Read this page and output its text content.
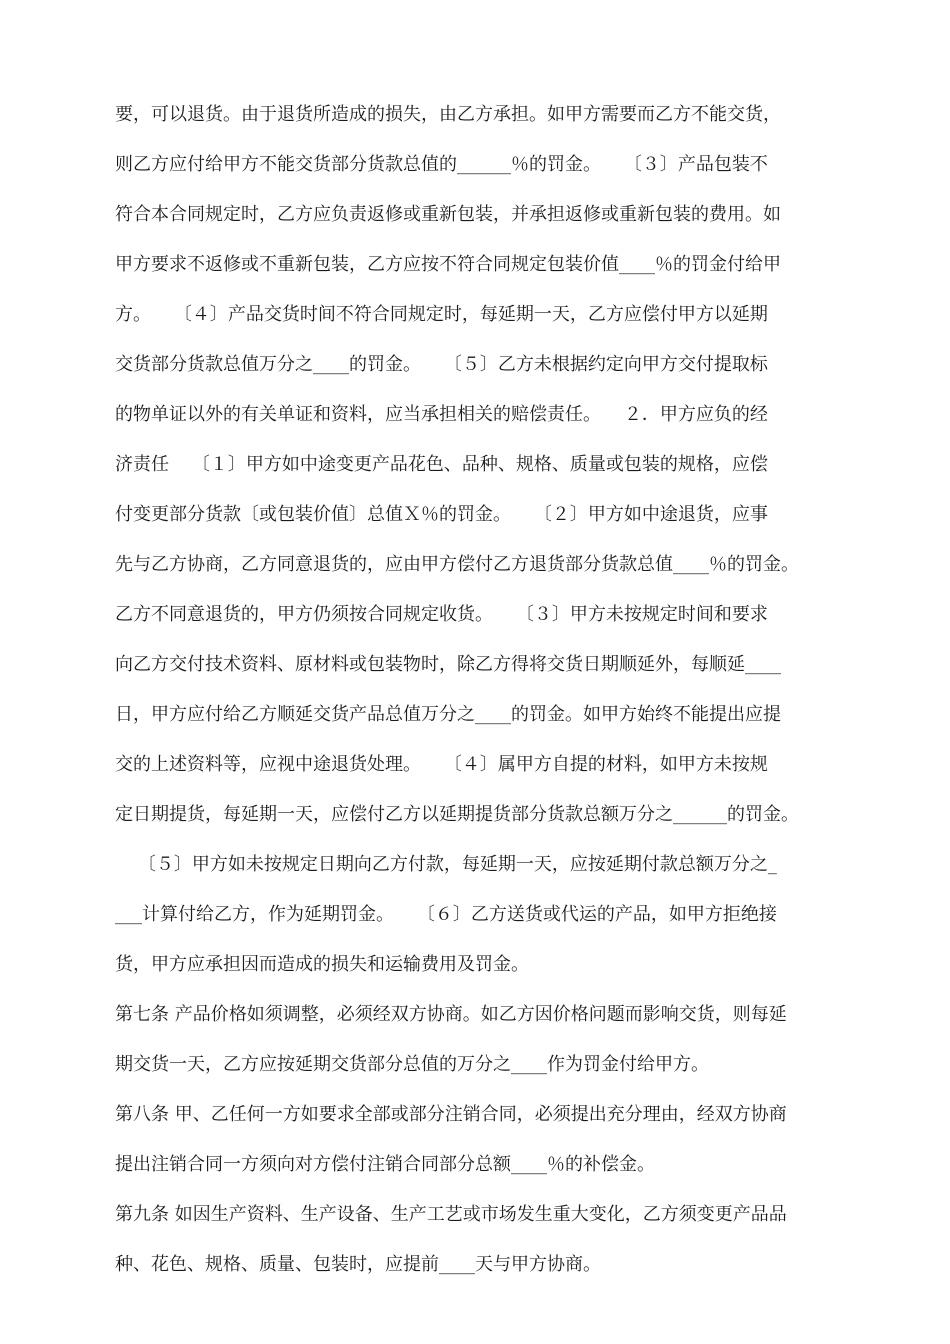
要，可以退货。由于退货所造成的损失，由乙方承担。如甲方需要而乙方不能交货，
则乙方应付给甲方不能交货部分货款总值的______％的罚金。    〔３〕产品包装不
符合本合同规定时，乙方应负责返修或重新包装，并承担返修或重新包装的费用。如
甲方要求不返修或不重新包装，乙方应按不符合同规定包装价值____％的罚金付给甲
方。    〔４〕产品交货时间不符合同规定时，每延期一天，乙方应偿付甲方以延期
交货部分货款总值万分之____的罚金。    〔５〕乙方未根据约定向甲方交付提取标
的物单证以外的有关单证和资料，应当承担相关的赔偿责任。    ２．甲方应负的经
济责任    〔１〕甲方如中途变更产品花色、品种、规格、质量或包装的规格，应偿
付变更部分货款〔或包装价值〕总值Ｘ％的罚金。    〔２〕甲方如中途退货，应事
先与乙方协商，乙方同意退货的，应由甲方偿付乙方退货部分货款总值____％的罚金。
乙方不同意退货的，甲方仍须按合同规定收货。    〔３〕甲方未按规定时间和要求
向乙方交付技术资料、原材料或包装物时，除乙方得将交货日期顺延外，每顺延____
日，甲方应付给乙方顺延交货产品总值万分之____的罚金。如甲方始终不能提出应提
交的上述资料等，应视中途退货处理。    〔４〕属甲方自提的材料，如甲方未按规
定日期提货，每延期一天，应偿付乙方以延期提货部分货款总额万分之______的罚金。
〔５〕甲方如未按规定日期向乙方付款，每延期一天，应按延期付款总额万分之_
___计算付给乙方，作为延期罚金。    〔６〕乙方送货或代运的产品，如甲方拒绝接
货，甲方应承担因而造成的损失和运输费用及罚金。
第七条 产品价格如须调整，必须经双方协商。如乙方因价格问题而影响交货，则每延
期交货一天，乙方应按延期交货部分总值的万分之____作为罚金付给甲方。
第八条 甲、乙任何一方如要求全部或部分注销合同，必须提出充分理由，经双方协商
提出注销合同一方须向对方偿付注销合同部分总额____％的补偿金。
第九条 如因生产资料、生产设备、生产工艺或市场发生重大变化，乙方须变更产品品
种、花色、规格、质量、包装时，应提前____天与甲方协商。
